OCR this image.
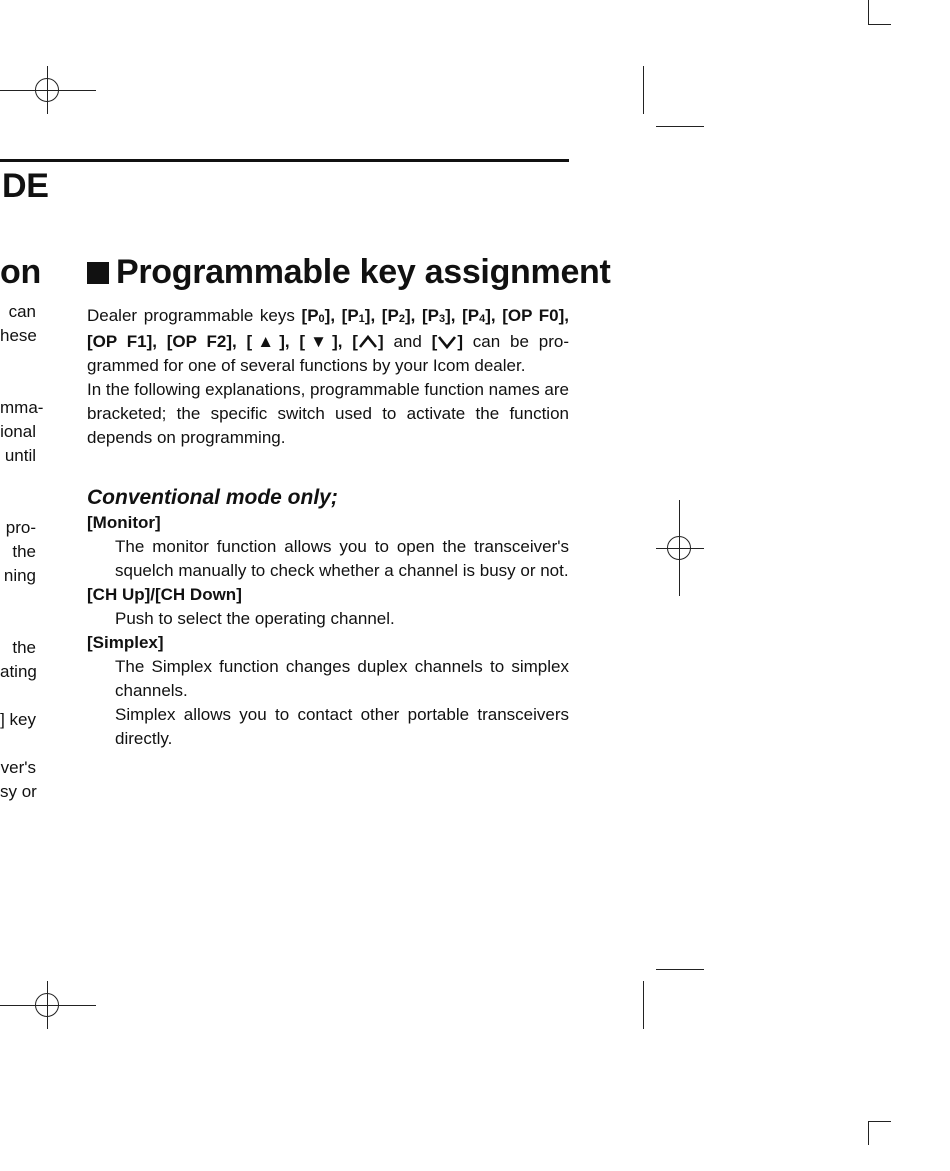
DE
on
can
hese
mma-
ional
until
pro-
the
ning
the
ating
] key
ver's
sy or
Programmable key assignment
Dealer programmable keys $[P_0]$, $[P_1]$, $[P_2]$, $[P_3]$, $[P_4]$, [OP F0],
[OP F1], [OP F2], [▲], [▼], [ ] and [ ] can be pro-
grammed for one of several functions by your Icom dealer.
In the following explanations, programmable function names are bracketed; the specific switch used to activate the function depends on programming.
Conventional mode only;
[Monitor]
The monitor function allows you to open the transceiver's squelch manually to check whether a channel is busy or not.
[CH Up]/[CH Down]
Push to select the operating channel.
[Simplex]
The Simplex function changes duplex channels to simplex channels.
Simplex allows you to contact other portable transceivers directly.
